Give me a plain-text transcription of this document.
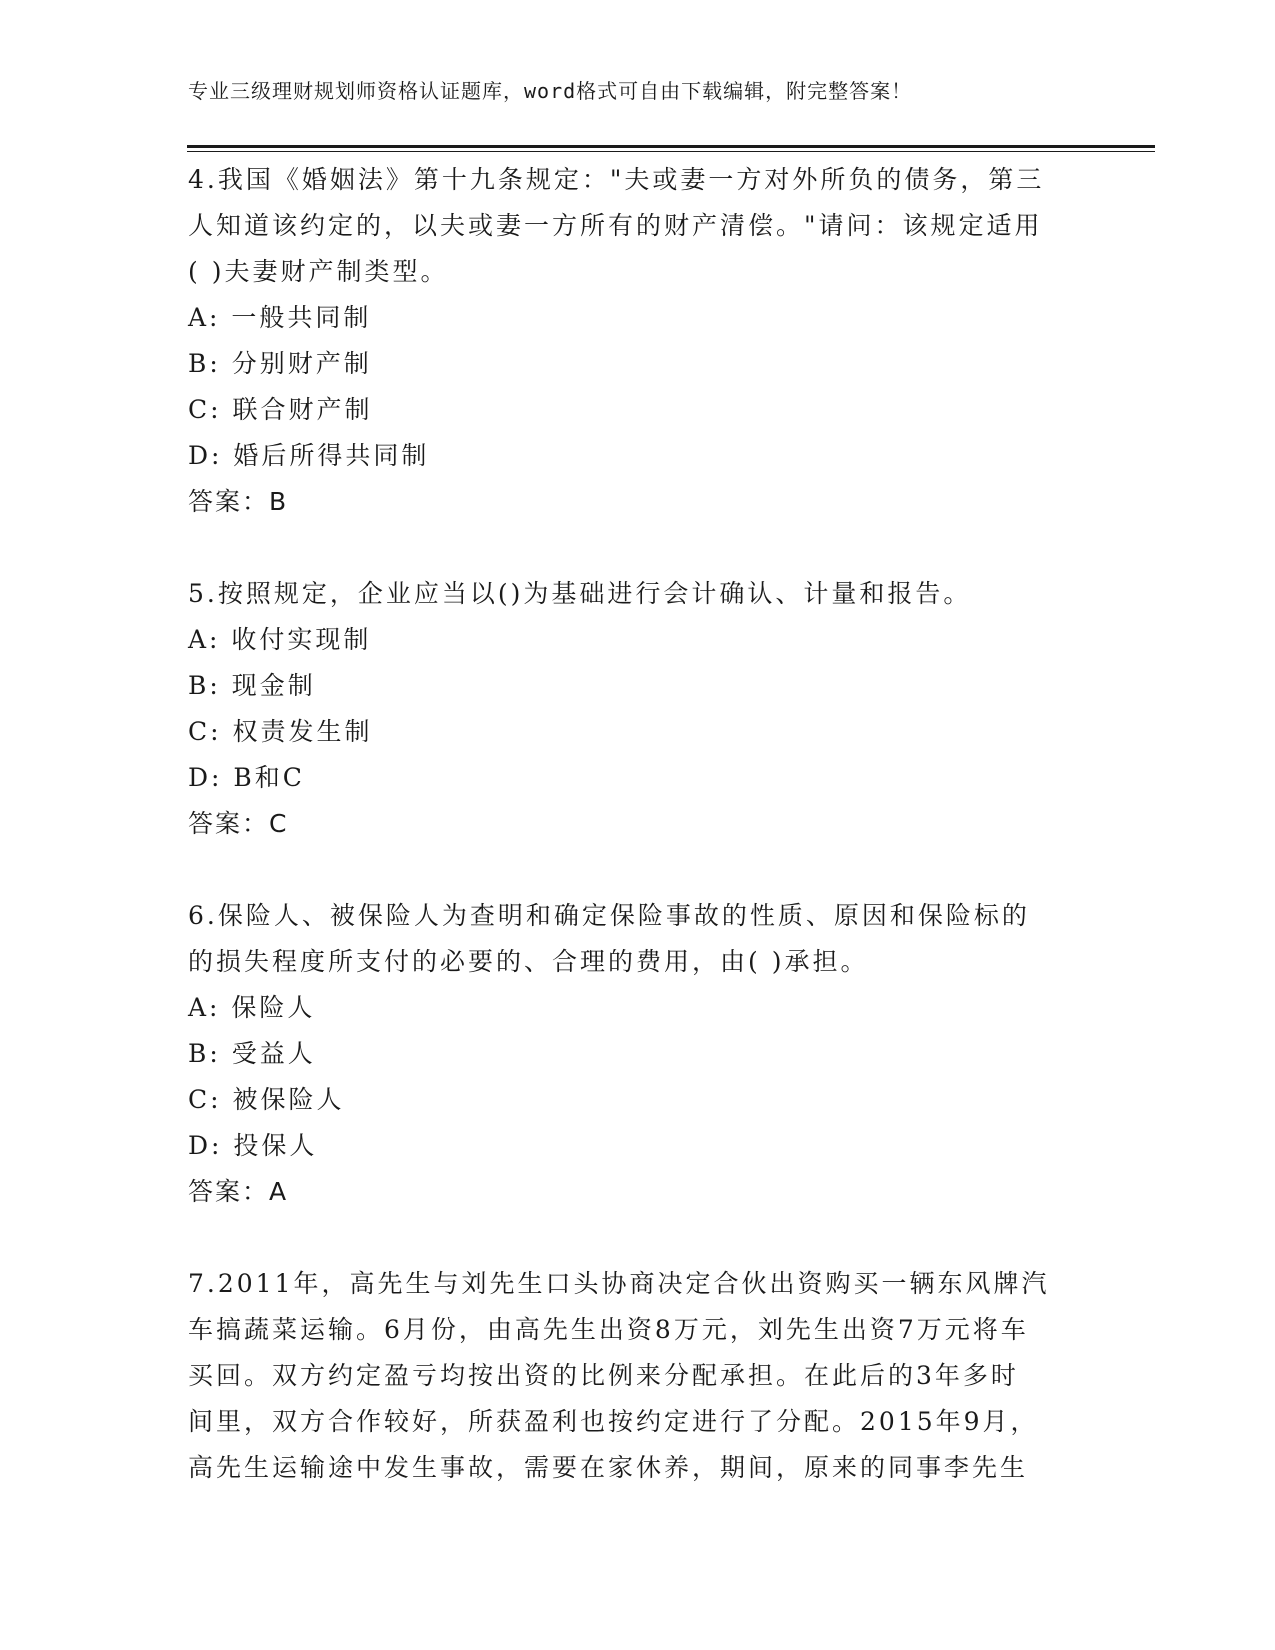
专业三级理财规划师资格认证题库，word格式可自由下载编辑，附完整答案！
4.我国《婚姻法》第十九条规定："夫或妻一方对外所负的债务，第三
人知道该约定的，以夫或妻一方所有的财产清偿。"请问：该规定适用
( )夫妻财产制类型。
A: 一般共同制
B: 分别财产制
C: 联合财产制
D: 婚后所得共同制
答案：B
5.按照规定，企业应当以()为基础进行会计确认、计量和报告。
A: 收付实现制
B: 现金制
C: 权责发生制
D: B和C
答案：C
6.保险人、被保险人为查明和确定保险事故的性质、原因和保险标的
的损失程度所支付的必要的、合理的费用，由( )承担。
A: 保险人
B: 受益人
C: 被保险人
D: 投保人
答案：A
7.2011年，高先生与刘先生口头协商决定合伙出资购买一辆东风牌汽
车搞蔬菜运输。6月份，由高先生出资8万元，刘先生出资7万元将车
买回。双方约定盈亏均按出资的比例来分配承担。在此后的3年多时
间里，双方合作较好，所获盈利也按约定进行了分配。2015年9月，
高先生运输途中发生事故，需要在家休养，期间，原来的同事李先生
